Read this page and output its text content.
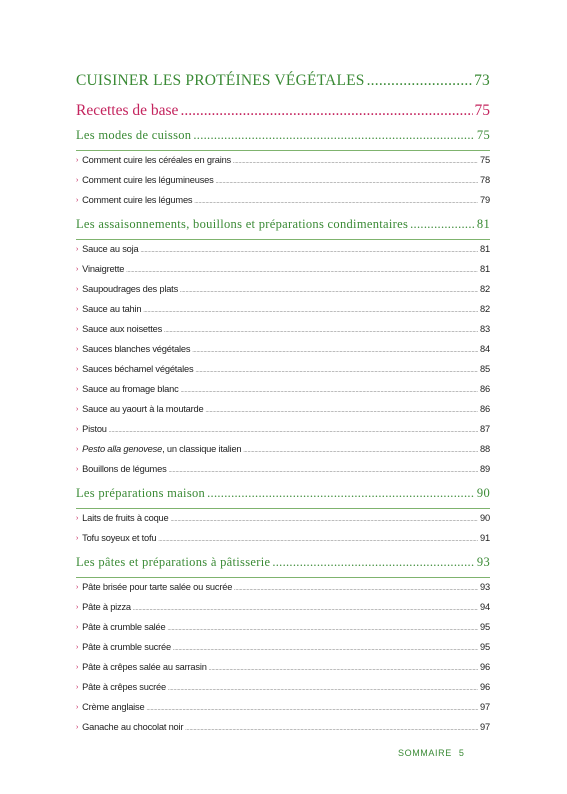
CUISINER LES PROTÉINES VÉGÉTALES .....	73
Recettes de base .....	75
Les modes de cuisson .....	75
› Comment cuire les céréales en grains .....	75
› Comment cuire les légumineuses .....	78
› Comment cuire les légumes .....	79
Les assaisonnements, bouillons et préparations condimentaires .....	81
› Sauce au soja .....	81
› Vinaigrette .....	81
› Saupoudrages des plats .....	82
› Sauce au tahin .....	82
› Sauce aux noisettes .....	83
› Sauces blanches végétales .....	84
› Sauces béchamel végétales .....	85
› Sauce au fromage blanc .....	86
› Sauce au yaourt à la moutarde .....	86
› Pistou .....	87
› Pesto alla genovese, un classique italien .....	88
› Bouillons de légumes .....	89
Les préparations maison .....	90
› Laits de fruits à coque .....	90
› Tofu soyeux et tofu .....	91
Les pâtes et préparations à pâtisserie .....	93
› Pâte brisée pour tarte salée ou sucrée .....	93
› Pâte à pizza .....	94
› Pâte à crumble salée .....	95
› Pâte à crumble sucrée .....	95
› Pâte à crêpes salée au sarrasin .....	96
› Pâte à crêpes sucrée .....	96
› Crème anglaise .....	97
› Ganache au chocolat noir .....	97
SOMMAIRE 5
